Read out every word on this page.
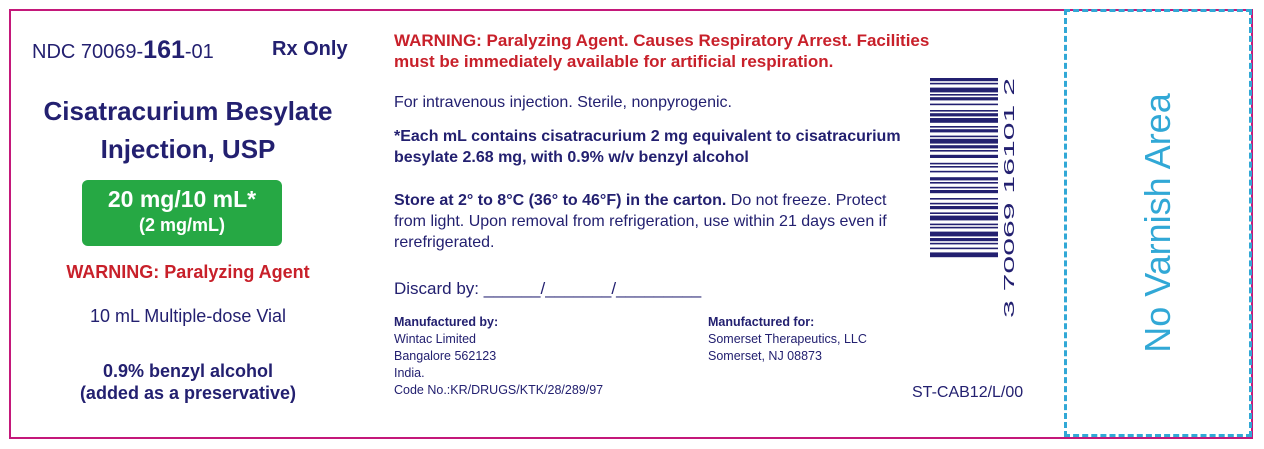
NDC 70069-161-01	Rx Only
Cisatracurium Besylate
Injection, USP
20 mg/10 mL*
(2 mg/mL)
WARNING: Paralyzing Agent
10 mL Multiple-dose Vial
0.9% benzyl alcohol
(added as a preservative)

WARNING: Paralyzing Agent. Causes Respiratory Arrest. Facilities must be immediately available for artificial respiration.

For intravenous injection. Sterile, nonpyrogenic.

*Each mL contains cisatracurium 2 mg equivalent to cisatracurium besylate 2.68 mg, with 0.9% w/v benzyl alcohol

Store at 2° to 8°C (36° to 46°F) in the carton. Do not freeze. Protect from light. Upon removal from refrigeration, use within 21 days even if rerefrigerated.

Discard by: ______/_______/_________

Manufactured by:
Wintac Limited
Bangalore 562123
India.
Code No.:KR/DRUGS/KTK/28/289/97
Manufactured for:
Somerset Therapeutics, LLC
Somerset, NJ 08873
ST-CAB12/L/00
3 70069 16101 2	No Varnish Area
